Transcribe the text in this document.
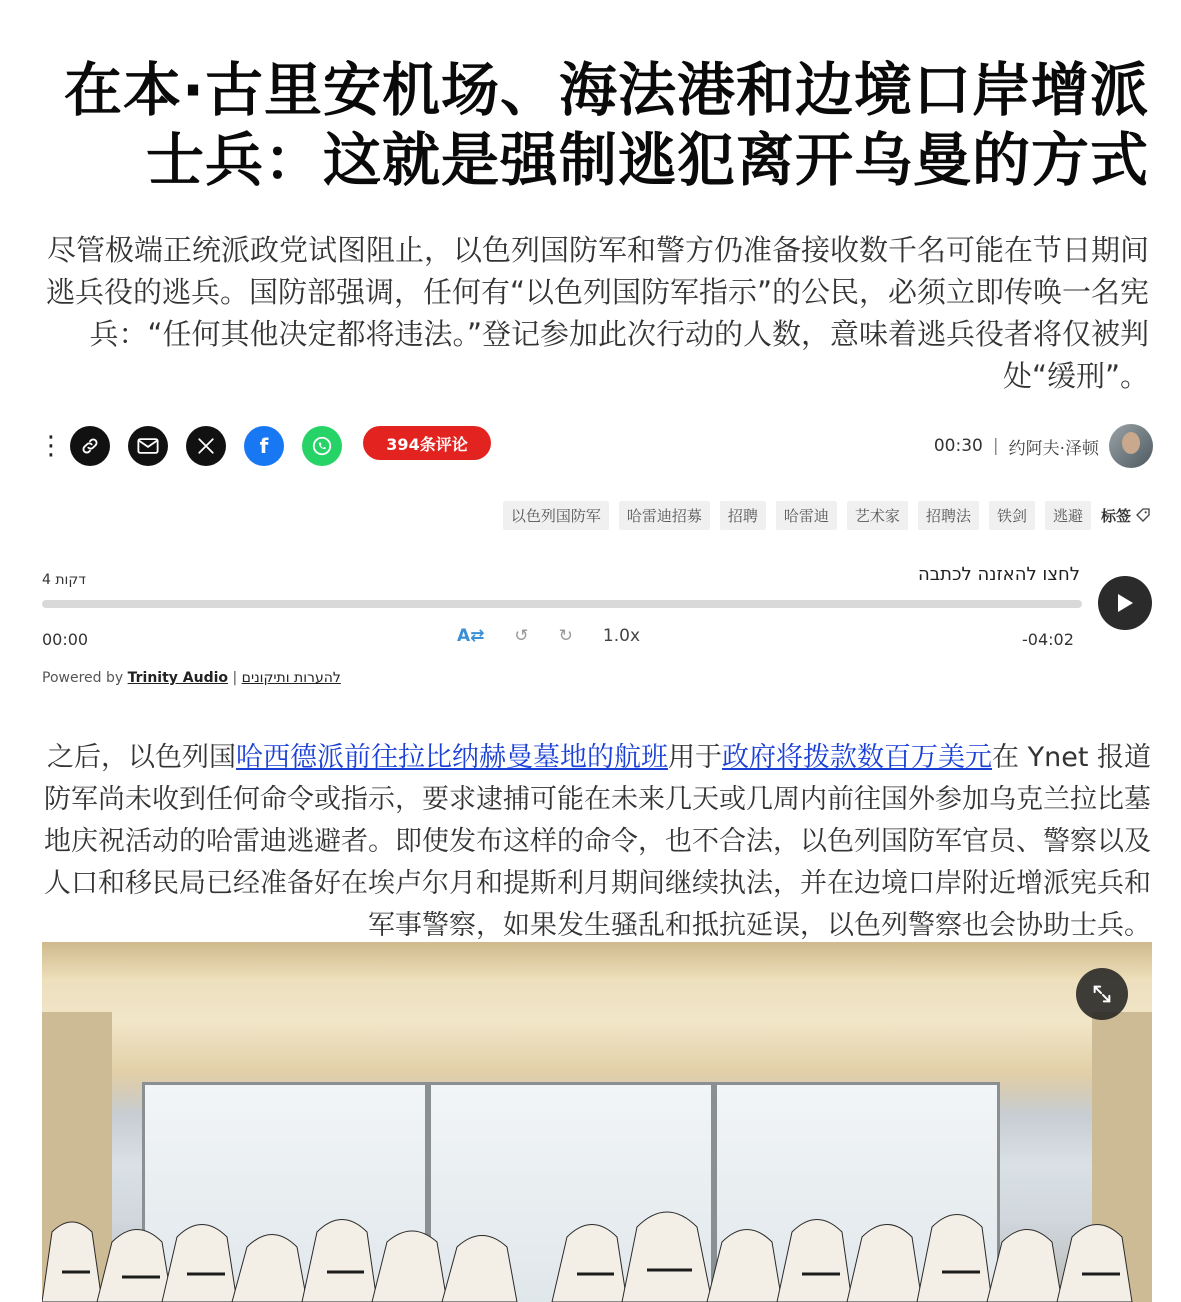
在本·古里安机场、海法港和边境口岸增派士兵：这就是强制逃犯离开乌曼的方式

尽管极端正统派政党试图阻止，以色列国防军和警方仍准备接收数千名可能在节日期间逃兵役的逃兵。国防部强调，任何有“以色列国防军指示”的公民，必须立即传唤一名宪兵：“任何其他决定都将违法。”登记参加此次行动的人数，意味着逃兵役者将仅被判处“缓刑”。

⋮	f	394条评论	00:30 | 约阿夫·泽顿
以色列国防军	哈雷迪招募	招聘	哈雷迪	艺术家	招聘法	铁剑	逃避	标签
4 דקות	לחצו להאזנה לכתבה
00:00	A⇄ ↺ ↻ 1.0x	-04:02
Powered by Trinity Audio | להערות ותיקונים

之后，以色列国哈西德派前往拉比纳赫曼墓地的航班用于政府将拨款数百万美元在 Ynet 报道防军尚未收到任何命令或指示，要求逮捕可能在未来几天或几周内前往国外参加乌克兰拉比墓地庆祝活动的哈雷迪逃避者。即使发布这样的命令，也不合法，以色列国防军官员、警察以及人口和移民局已经准备好在埃卢尔月和提斯利月期间继续执法，并在边境口岸附近增派宪兵和军事警察，如果发生骚乱和抵抗延误，以色列警察也会协助士兵。
